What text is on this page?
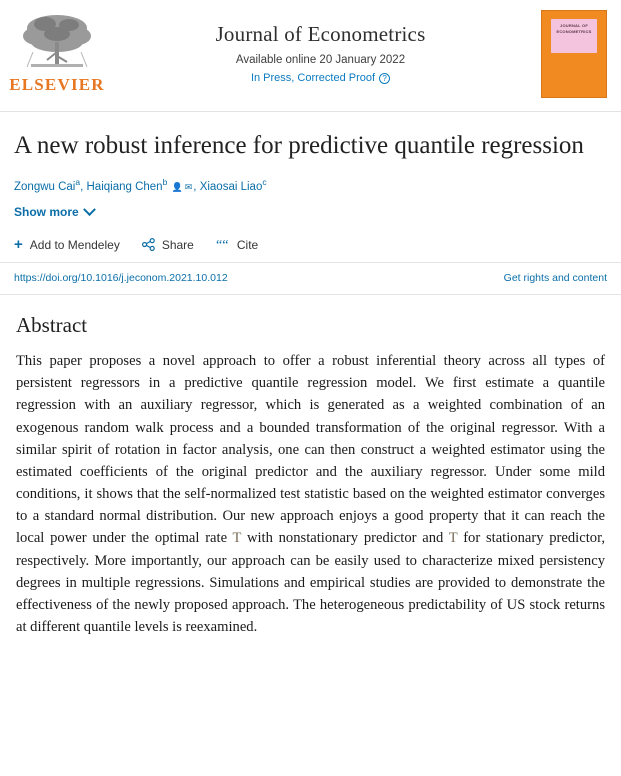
ELSEVIER
Journal of Econometrics
Available online 20 January 2022
In Press, Corrected Proof ?
JOURNAL OF
ECONOMETRICS
A new robust inference for predictive quantile regression
Zongwu Cai$^a$, Haiqiang Chen$^b$ 👤 ✉, Xiaosai Liao$^c$
Show more
+ Add to Mendeley	Share ““ Cite
https://doi.org/10.1016/j.jeconom.2021.10.012	Get rights and content
Abstract

This paper proposes a novel approach to offer a robust inferential theory across all types of persistent regressors in a predictive quantile regression model. We first estimate a quantile regression with an auxiliary regressor, which is generated as a weighted combination of an exogenous random walk process and a bounded transformation of the original regressor. With a similar spirit of rotation in factor analysis, one can then construct a weighted estimator using the estimated coefficients of the original predictor and the auxiliary regressor. Under some mild conditions, it shows that the self-normalized test statistic based on the weighted estimator converges to a standard normal distribution. Our new approach enjoys a good property that it can reach the local power under the optimal rate T with nonstationary predictor and T for stationary predictor, respectively. More importantly, our approach can be easily used to characterize mixed persistency degrees in multiple regressions. Simulations and empirical studies are provided to demonstrate the effectiveness of the newly proposed approach. The heterogeneous predictability of US stock returns at different quantile levels is reexamined.
